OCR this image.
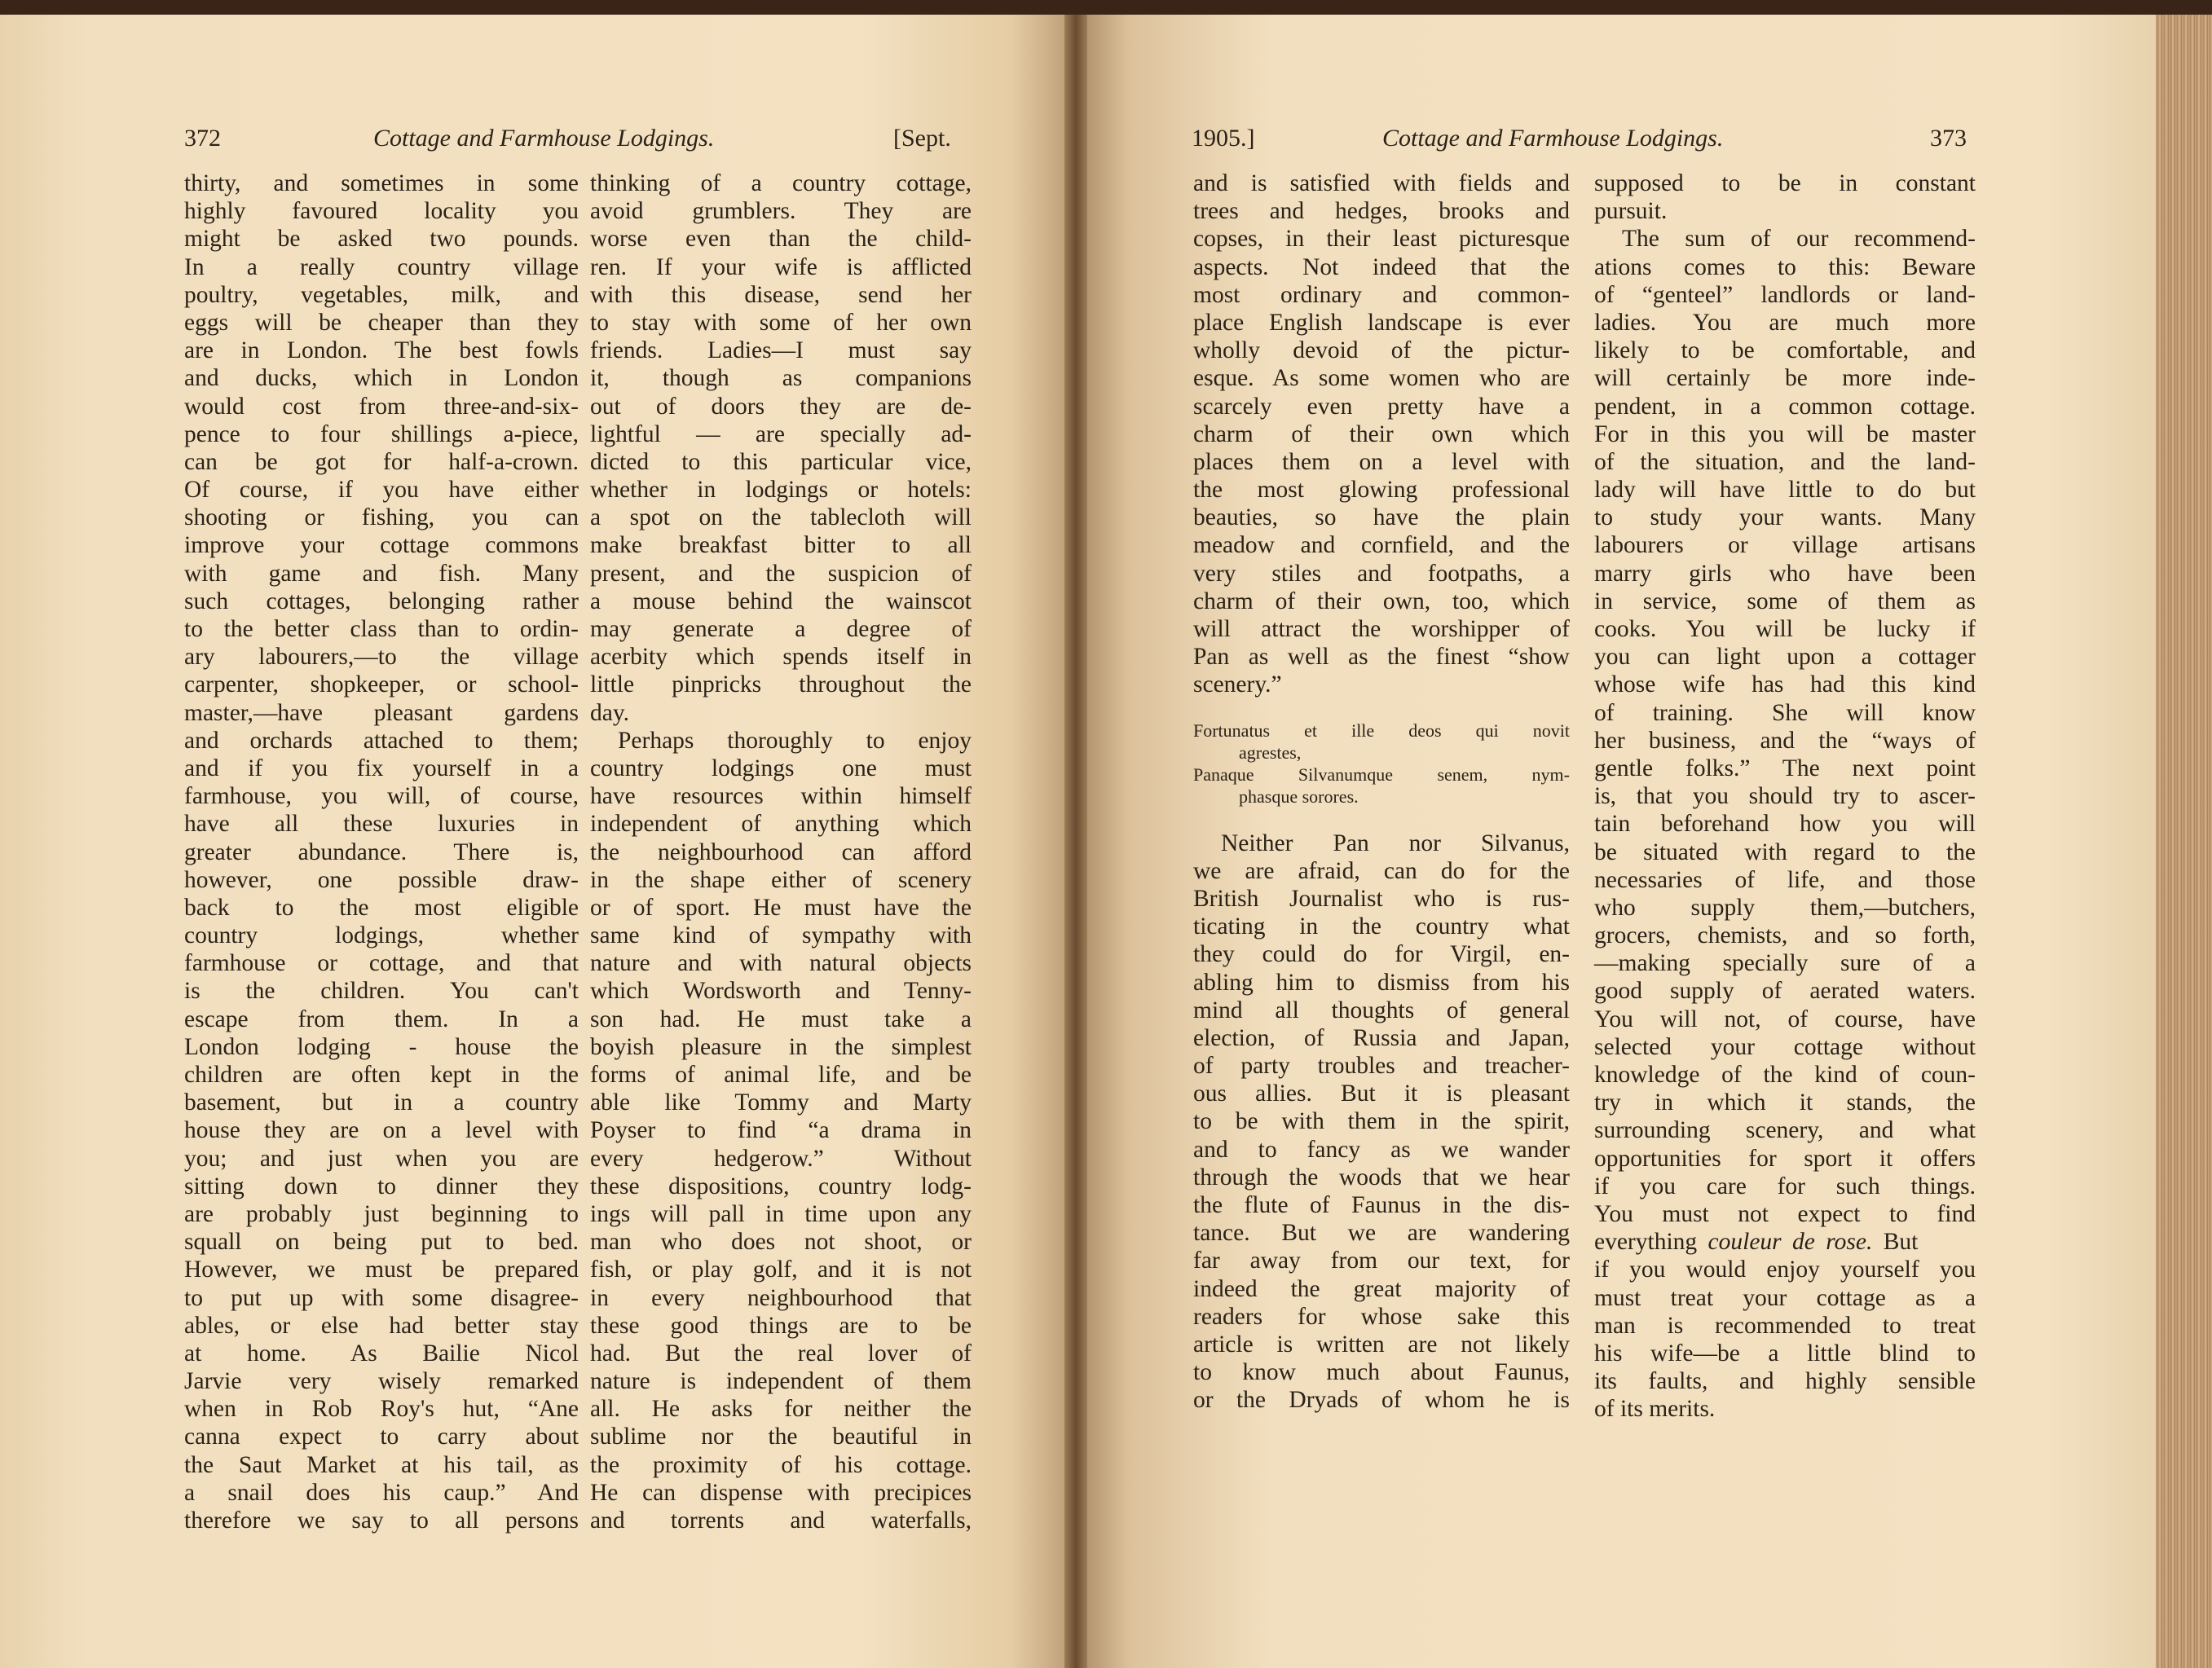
372	Cottage and Farmhouse Lodgings.	[Sept.	1905.]	Cottage and Farmhouse Lodgings.	373
thirty, and sometimes in some
highly favoured locality you
might be asked two pounds.
In a really country village
poultry, vegetables, milk, and
eggs will be cheaper than they
are in London. The best fowls
and ducks, which in London
would cost from three-and-six-
pence to four shillings a-piece,
can be got for half-a-crown.
Of course, if you have either
shooting or fishing, you can
improve your cottage commons
with game and fish. Many
such cottages, belonging rather
to the better class than to ordin-
ary labourers,—to the village
carpenter, shopkeeper, or school-
master,—have pleasant gardens
and orchards attached to them;
and if you fix yourself in a
farmhouse, you will, of course,
have all these luxuries in
greater abundance. There is,
however, one possible draw-
back to the most eligible
country lodgings, whether
farmhouse or cottage, and that
is the children. You can't
escape from them. In a
London lodging - house the
children are often kept in the
basement, but in a country
house they are on a level with
you; and just when you are
sitting down to dinner they
are probably just beginning to
squall on being put to bed.
However, we must be prepared
to put up with some disagree-
ables, or else had better stay
at home. As Bailie Nicol
Jarvie very wisely remarked
when in Rob Roy's hut, “Ane
canna expect to carry about
the Saut Market at his tail, as
a snail does his caup.” And
therefore we say to all persons
thinking of a country cottage,
avoid grumblers. They are
worse even than the child-
ren. If your wife is afflicted
with this disease, send her
to stay with some of her own
friends. Ladies—I must say
it, though as companions
out of doors they are de-
lightful — are specially ad-
dicted to this particular vice,
whether in lodgings or hotels:
a spot on the tablecloth will
make breakfast bitter to all
present, and the suspicion of
a mouse behind the wainscot
may generate a degree of
acerbity which spends itself in
little pinpricks throughout the
day.
Perhaps thoroughly to enjoy
country lodgings one must
have resources within himself
independent of anything which
the neighbourhood can afford
in the shape either of scenery
or of sport. He must have the
same kind of sympathy with
nature and with natural objects
which Wordsworth and Tenny-
son had. He must take a
boyish pleasure in the simplest
forms of animal life, and be
able like Tommy and Marty
Poyser to find “a drama in
every hedgerow.” Without
these dispositions, country lodg-
ings will pall in time upon any
man who does not shoot, or
fish, or play golf, and it is not
in every neighbourhood that
these good things are to be
had. But the real lover of
nature is independent of them
all. He asks for neither the
sublime nor the beautiful in
the proximity of his cottage.
He can dispense with precipices
and torrents and waterfalls,
and is satisfied with fields and
trees and hedges, brooks and
copses, in their least picturesque
aspects. Not indeed that the
most ordinary and common-
place English landscape is ever
wholly devoid of the pictur-
esque. As some women who are
scarcely even pretty have a
charm of their own which
places them on a level with
the most glowing professional
beauties, so have the plain
meadow and cornfield, and the
very stiles and footpaths, a
charm of their own, too, which
will attract the worshipper of
Pan as well as the finest “show
scenery.”
Fortunatus et ille deos qui novit
agrestes,
Panaque Silvanumque senem, nym-
phasque sorores.
Neither Pan nor Silvanus,
we are afraid, can do for the
British Journalist who is rus-
ticating in the country what
they could do for Virgil, en-
abling him to dismiss from his
mind all thoughts of general
election, of Russia and Japan,
of party troubles and treacher-
ous allies. But it is pleasant
to be with them in the spirit,
and to fancy as we wander
through the woods that we hear
the flute of Faunus in the dis-
tance. But we are wandering
far away from our text, for
indeed the great majority of
readers for whose sake this
article is written are not likely
to know much about Faunus,
or the Dryads of whom he is
supposed to be in constant
pursuit.
The sum of our recommend-
ations comes to this: Beware
of “genteel” landlords or land-
ladies. You are much more
likely to be comfortable, and
will certainly be more inde-
pendent, in a common cottage.
For in this you will be master
of the situation, and the land-
lady will have little to do but
to study your wants. Many
labourers or village artisans
marry girls who have been
in service, some of them as
cooks. You will be lucky if
you can light upon a cottager
whose wife has had this kind
of training. She will know
her business, and the “ways of
gentle folks.” The next point
is, that you should try to ascer-
tain beforehand how you will
be situated with regard to the
necessaries of life, and those
who supply them,—butchers,
grocers, chemists, and so forth,
—making specially sure of a
good supply of aerated waters.
You will not, of course, have
selected your cottage without
knowledge of the kind of coun-
try in which it stands, the
surrounding scenery, and what
opportunities for sport it offers
if you care for such things.
You must not expect to find
everything couleur de rose. But
if you would enjoy yourself you
must treat your cottage as a
man is recommended to treat
his wife—be a little blind to
its faults, and highly sensible
of its merits.
